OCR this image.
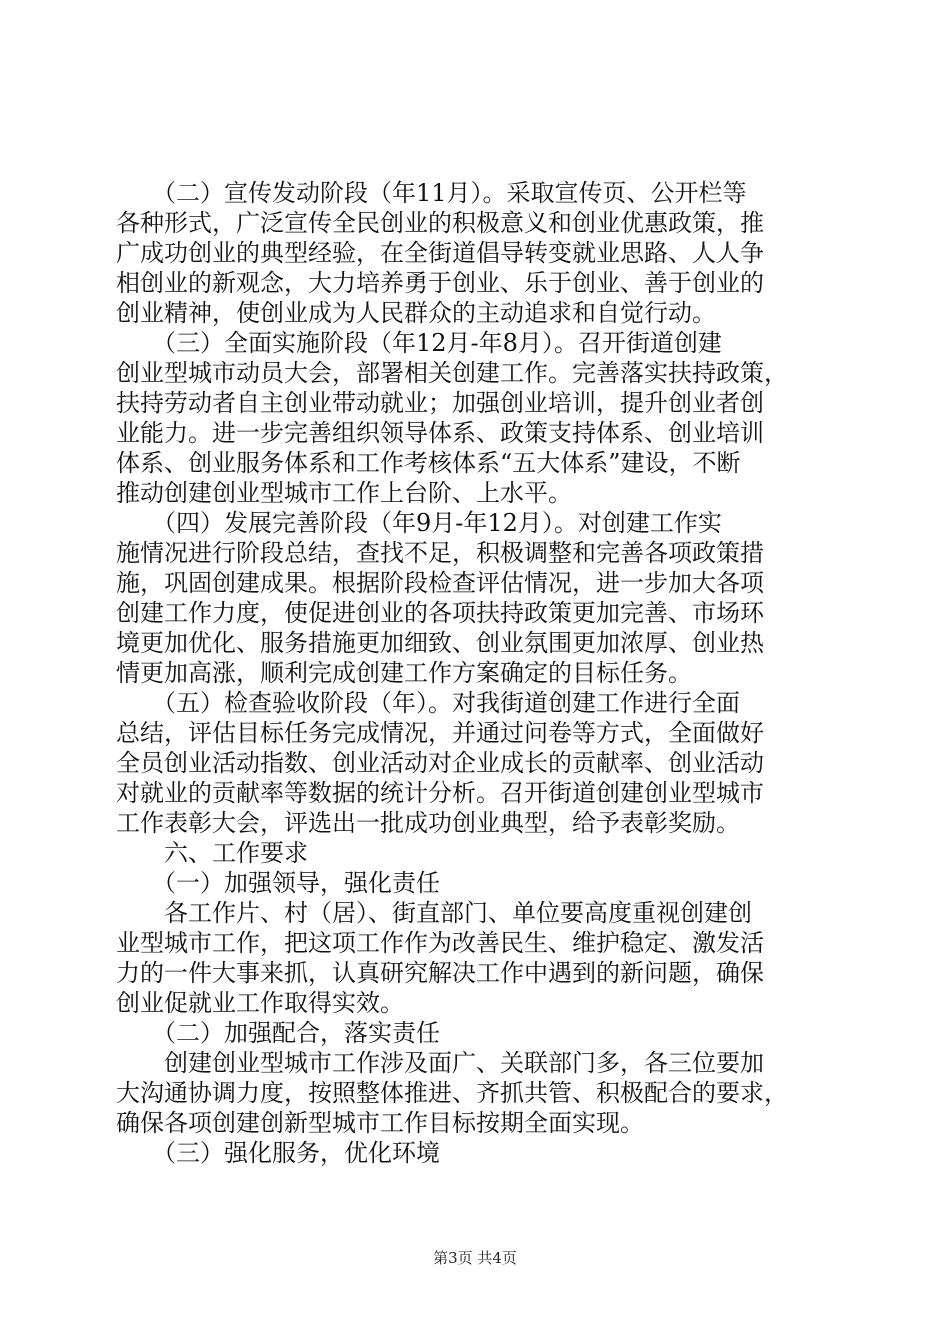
　　（二）宣传发动阶段（年11月）。采取宣传页、公开栏等
各种形式，广泛宣传全民创业的积极意义和创业优惠政策，推
广成功创业的典型经验，在全街道倡导转变就业思路、人人争
相创业的新观念，大力培养勇于创业、乐于创业、善于创业的
创业精神，使创业成为人民群众的主动追求和自觉行动。
　　（三）全面实施阶段（年12月-年8月）。召开街道创建
创业型城市动员大会，部署相关创建工作。完善落实扶持政策，
扶持劳动者自主创业带动就业；加强创业培训，提升创业者创
业能力。进一步完善组织领导体系、政策支持体系、创业培训
体系、创业服务体系和工作考核体系“五大体系”建设，不断
推动创建创业型城市工作上台阶、上水平。
　　（四）发展完善阶段（年9月-年12月）。对创建工作实
施情况进行阶段总结，查找不足，积极调整和完善各项政策措
施，巩固创建成果。根据阶段检查评估情况，进一步加大各项
创建工作力度，使促进创业的各项扶持政策更加完善、市场环
境更加优化、服务措施更加细致、创业氛围更加浓厚、创业热
情更加高涨，顺利完成创建工作方案确定的目标任务。
　　（五）检查验收阶段（年）。对我街道创建工作进行全面
总结，评估目标任务完成情况，并通过问卷等方式，全面做好
全员创业活动指数、创业活动对企业成长的贡献率、创业活动
对就业的贡献率等数据的统计分析。召开街道创建创业型城市
工作表彰大会，评选出一批成功创业典型，给予表彰奖励。
　　六、工作要求
　　（一）加强领导，强化责任
　　各工作片、村（居）、街直部门、单位要高度重视创建创
业型城市工作，把这项工作作为改善民生、维护稳定、激发活
力的一件大事来抓，认真研究解决工作中遇到的新问题，确保
创业促就业工作取得实效。
　　（二）加强配合，落实责任
　　创建创业型城市工作涉及面广、关联部门多，各三位要加
大沟通协调力度，按照整体推进、齐抓共管、积极配合的要求，
确保各项创建创新型城市工作目标按期全面实现。
　　（三）强化服务，优化环境
第3页 共4页
